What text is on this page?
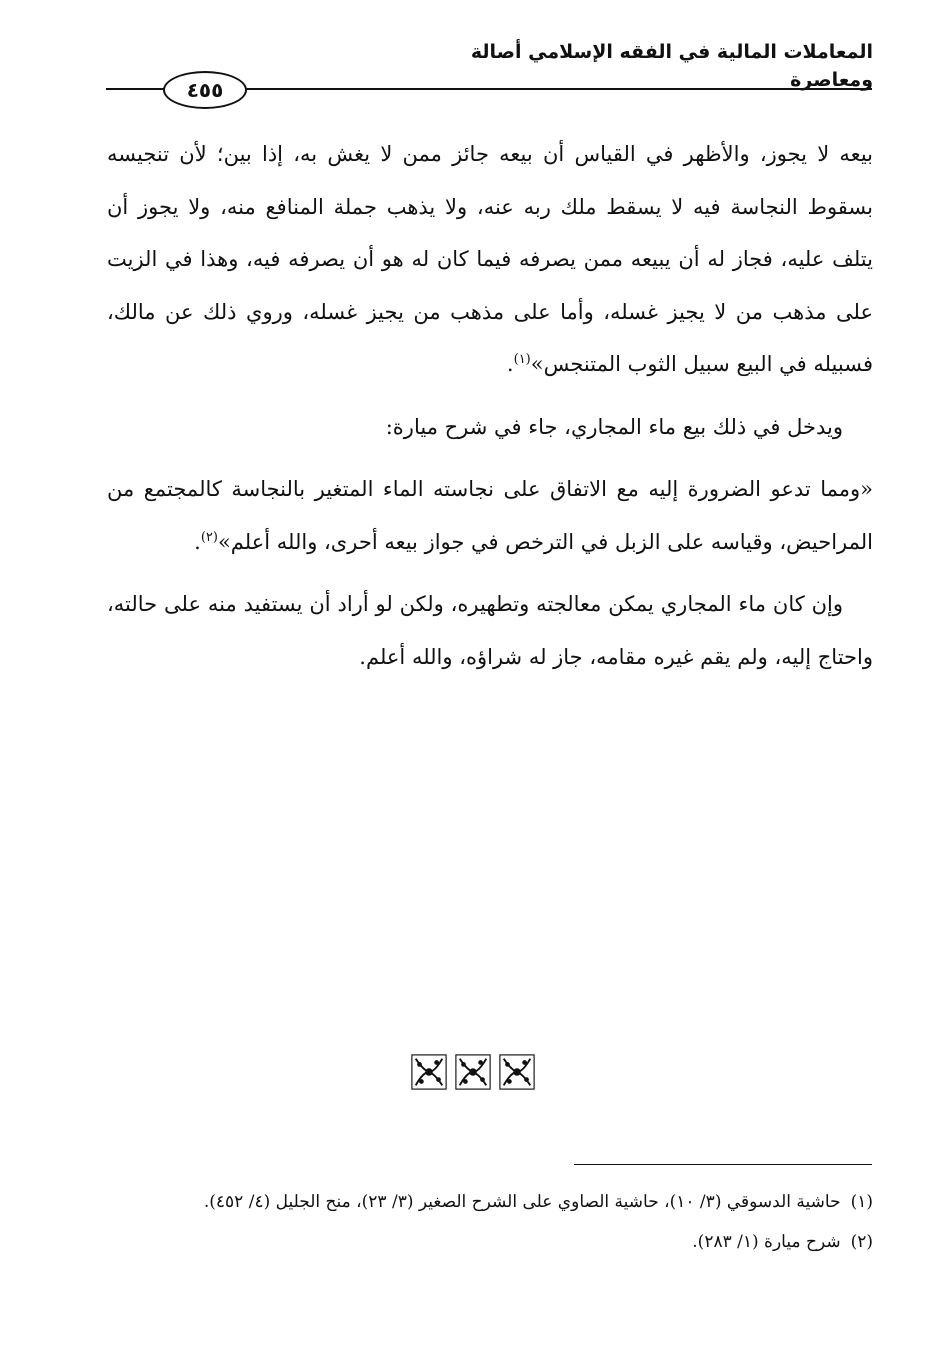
المعاملات المالية في الفقه الإسلامي أصالة ومعاصرة
٤٥٥

بيعه لا يجوز، والأظهر في القياس أن بيعه جائز ممن لا يغش به، إذا بين؛ لأن تنجيسه بسقوط النجاسة فيه لا يسقط ملك ربه عنه، ولا يذهب جملة المنافع منه، ولا يجوز أن يتلف عليه، فجاز له أن يبيعه ممن يصرفه فيما كان له هو أن يصرفه فيه، وهذا في الزيت على مذهب من لا يجيز غسله، وأما على مذهب من يجيز غسله، وروي ذلك عن مالك، فسبيله في البيع سبيل الثوب المتنجس»$^{(١)}$.

ويدخل في ذلك بيع ماء المجاري، جاء في شرح ميارة:

«ومما تدعو الضرورة إليه مع الاتفاق على نجاسته الماء المتغير بالنجاسة كالمجتمع من المراحيض، وقياسه على الزبل في الترخص في جواز بيعه أحرى، والله أعلم»$^{(٢)}$.

وإن كان ماء المجاري يمكن معالجته وتطهيره، ولكن لو أراد أن يستفيد منه على حالته، واحتاج إليه، ولم يقم غيره مقامه، جاز له شراؤه، والله أعلم.

(١)
حاشية الدسوقي (٣/ ١٠)، حاشية الصاوي على الشرح الصغير (٣/ ٢٣)، منح الجليل (٤/ ٤٥٢).
(٢)
شرح ميارة (١/ ٢٨٣).
